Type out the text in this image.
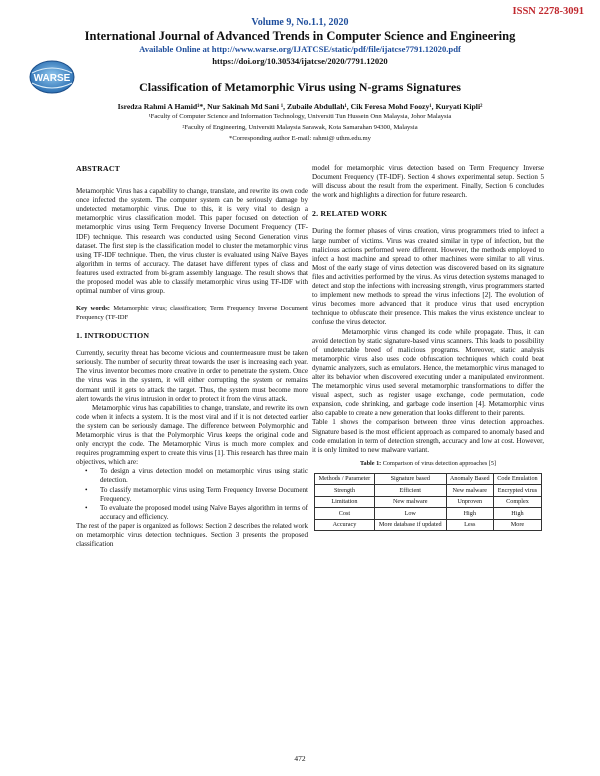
ISSN 2278-3091
Volume 9, No.1.1, 2020
International Journal of Advanced Trends in Computer Science and Engineering
Available Online at http://www.warse.org/IJATCSE/static/pdf/file/ijatcse7791.12020.pdf
https://doi.org/10.30534/ijatcse/2020/7791.12020
WARSE
Classification of Metamorphic Virus using N-grams Signatures
Isredza Rahmi A Hamid¹*, Nur Sakinah Md Sani ¹, Zubaile Abdullah¹, Cik Feresa Mohd Foozy¹, Kuryati Kipli²
¹Faculty of Computer Science and Information Technology, Universiti Tun Hussein Onn Malaysia, Johor Malaysia
²Faculty of Engineering, Universiti Malaysia Sarawak, Kota Samarahan 94300, Malaysia
*Corresponding author E-mail: rahmi@ uthm.edu.my
ABSTRACT

Metamorphic Virus has a capability to change, translate, and rewrite its own code once infected the system. The computer system can be seriously damage by undetected metamorphic virus. Due to this, it is very vital to design a metamorphic virus classification model. This paper focused on detection of metamorphic virus using Term Frequency Inverse Document Frequency (TF-IDF) technique. This research was conducted using Second Generation virus dataset. The first step is the classification model to cluster the metamorphic virus using TF-IDF technique. Then, the virus cluster is evaluated using Naïve Bayes algorithm in terms of accuracy. The dataset have different types of class and features used extracted from bi-gram assembly language. The result shows that the proposed model was able to classify metamorphic virus using TF-IDF with optimal number of virus group.

Key words: Metamorphic virus; classification; Term Frequency Inverse Document Frequency (TF-IDF

1. INTRODUCTION

Currently, security threat has become vicious and countermeasure must be taken seriously. The number of security threat towards the user is increasing each year. The virus inventor becomes more creative in order to penetrate the system. Once the virus was in the system, it will either corrupting the system or remains dormant until it gets to attack the target. Thus, the system must become more alert towards the virus intrusion in order to protect it from the virus attack.

Metamorphic virus has capabilities to change, translate, and rewrite its own code when it infects a system. It is the most viral and if it is not detected earlier the system can be seriously damage. The difference between Polymorphic and Metamorphic virus is that the Polymorphic Virus keeps the original code and only encrypt the code. The Metamorphic Virus is much more complex and requires programming expert to create this virus [1]. This research has three main objectives, which are:

• To design a virus detection model on metamorphic virus using static detection.
• To classify metamorphic virus using Term Frequency Inverse Document Frequency.
• To evaluate the proposed model using Naïve Bayes algorithm in terms of accuracy and efficiency.

The rest of the paper is organized as follows: Section 2 describes the related work on metamorphic virus detection techniques. Section 3 presents the proposed classification

model for metamorphic virus detection based on Term Frequency Inverse Document Frequency (TF-IDF). Section 4 shows experimental setup. Section 5 will discuss about the result from the experiment. Finally, Section 6 concludes the work and highlights a direction for future research.

2. RELATED WORK

During the former phases of virus creation, virus programmers tried to infect a large number of victims. Virus was created similar in type of infection, but the malicious actions performed were different. However, the methods employed to infect a host machine and spread to other machines were similar to all virus. Most of the early stage of virus detection was discovered based on its signature files and activities performed by the virus. As virus detection systems managed to detect and stop the infections with increasing strength, virus programmers started to implement new methods to spread the virus infections [2]. The evolution of virus becomes more advanced that it produce virus that used encryption technique to obfuscate their presence. This makes the virus existence unclear to confuse the virus detector.

Metamorphic virus changed its code while propagate. Thus, it can avoid detection by static signature-based virus scanners. This leads to possibility of undetectable breed of malicious programs. Moreover, static analysis metamorphic virus also uses code obfuscation techniques which could beat dynamic analyzers, such as emulators. Hence, the metamorphic virus managed to alter its behavior when discovered executing under a manipulated environment. The metamorphic virus used several metamorphic transformations to differ the visual aspect, such as register usage exchange, code permutation, code expansion, code shrinking, and garbage code insertion [4]. Metamorphic virus also capable to create a new generation that looks different to their parents.

Table 1 shows the comparison between three virus detection approaches. Signature based is the most efficient approach as compared to anomaly based and code emulation in term of detection strength, accuracy and low at cost. However, it is only limited to new malware variant.

Table 1: Comparison of virus detection approaches [5]
Methods / Parameter	Signature based	Anomaly Based	Code Emulation
Strength	Efficient	New malware	Encrypted virus
Limitation	New malware	Unproven	Complex
Cost	Low	High	High
Accuracy	More database if updated	Less	More
472
